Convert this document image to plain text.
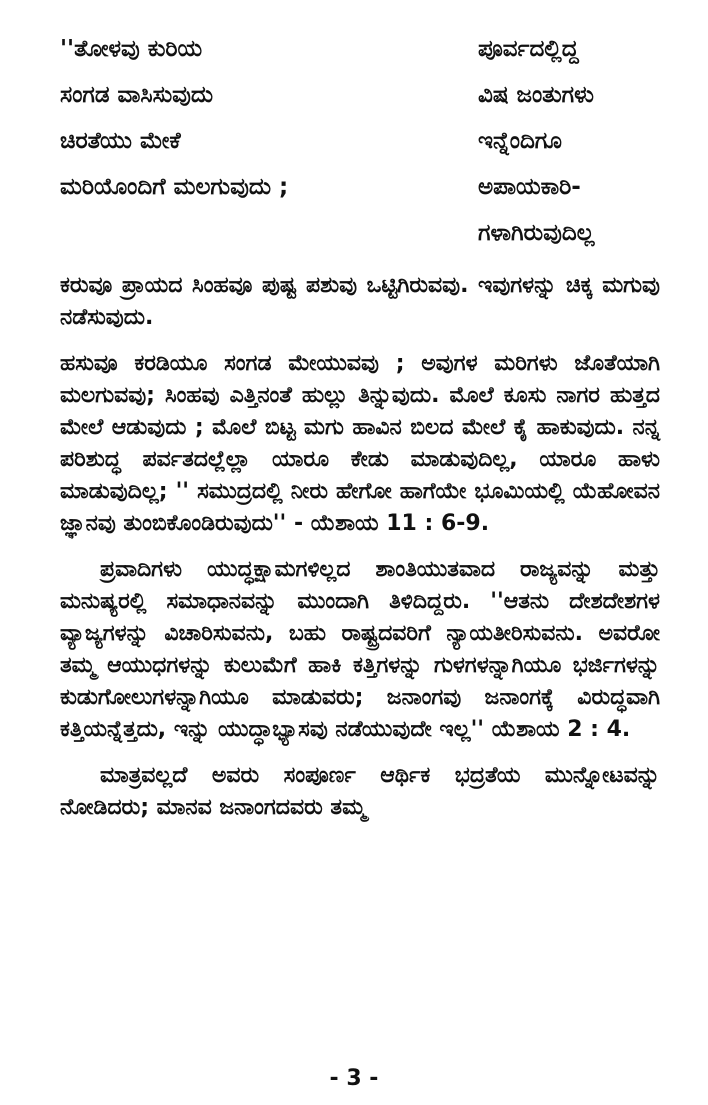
''ತೋಳವು ಕುರಿಯ	ಪೂರ್ವದಲ್ಲಿದ್ದ
ಸಂಗಡ ವಾಸಿಸುವುದು	ವಿಷ ಜಂತುಗಳು
ಚಿರತೆಯು ಮೇಕೆ	ಇನ್ನೆಂದಿಗೂ
ಮರಿಯೊಂದಿಗೆ ಮಲಗುವುದು ;	ಅಪಾಯಕಾರಿ-
ಗಳಾಗಿರುವುದಿಲ್ಲ

ಕರುವೂ ಪ್ರಾಯದ ಸಿಂಹವೂ ಪುಷ್ಟ ಪಶುವು ಒಟ್ಟಿಗಿರುವವು. ಇವುಗಳನ್ನು ಚಿಕ್ಕ ಮಗುವು ನಡೆಸುವುದು.

ಹಸುವೂ ಕರಡಿಯೂ ಸಂಗಡ ಮೇಯುವವು ; ಅವುಗಳ ಮರಿಗಳು ಜೊತೆಯಾಗಿ ಮಲಗುವವು; ಸಿಂಹವು ಎತ್ತಿನಂತೆ ಹುಲ್ಲು ತಿನ್ನುವುದು. ಮೊಲೆ ಕೂಸು ನಾಗರ ಹುತ್ತದ ಮೇಲೆ ಆಡುವುದು ; ಮೊಲೆ ಬಿಟ್ಟ ಮಗು ಹಾವಿನ ಬಿಲದ ಮೇಲೆ ಕೈ ಹಾಕುವುದು. ನನ್ನ ಪರಿಶುದ್ಧ ಪರ್ವತದಲ್ಲೆಲ್ಲಾ ಯಾರೂ ಕೇಡು ಮಾಡುವುದಿಲ್ಲ, ಯಾರೂ ಹಾಳು ಮಾಡುವುದಿಲ್ಲ; '' ಸಮುದ್ರದಲ್ಲಿ ನೀರು ಹೇಗೋ ಹಾಗೆಯೇ ಭೂಮಿಯಲ್ಲಿ ಯೆಹೋವನ ಜ್ಞಾನವು ತುಂಬಿಕೊಂಡಿರುವುದು'' - ಯೆಶಾಯ 11 : 6-9.

ಪ್ರವಾದಿಗಳು ಯುದ್ಧಕ್ಷಾಮಗಳಿಲ್ಲದ ಶಾಂತಿಯುತವಾದ ರಾಜ್ಯವನ್ನು ಮತ್ತು ಮನುಷ್ಯರಲ್ಲಿ ಸಮಾಧಾನವನ್ನು ಮುಂದಾಗಿ ತಿಳಿದಿದ್ದರು. ''ಆತನು ದೇಶದೇಶಗಳ ವ್ಯಾಜ್ಯಗಳನ್ನು ವಿಚಾರಿಸುವನು, ಬಹು ರಾಷ್ಟ್ರದವರಿಗೆ ನ್ಯಾಯತೀರಿಸುವನು. ಅವರೋ ತಮ್ಮ ಆಯುಧಗಳನ್ನು ಕುಲುಮೆಗೆ ಹಾಕಿ ಕತ್ತಿಗಳನ್ನು ಗುಳಗಳನ್ನಾಗಿಯೂ ಭರ್ಜಿಗಳನ್ನು ಕುಡುಗೋಲುಗಳನ್ನಾಗಿಯೂ ಮಾಡುವರು; ಜನಾಂಗವು ಜನಾಂಗಕ್ಕೆ ವಿರುದ್ಧವಾಗಿ ಕತ್ತಿಯನ್ನೆತ್ತದು, ಇನ್ನು ಯುದ್ಧಾಭ್ಯಾಸವು ನಡೆಯುವುದೇ ಇಲ್ಲ'' ಯೆಶಾಯ 2 : 4.

ಮಾತ್ರವಲ್ಲದೆ ಅವರು ಸಂಪೂರ್ಣ ಆರ್ಥಿಕ ಭದ್ರತೆಯ ಮುನ್ನೋಟವನ್ನು ನೋಡಿದರು; ಮಾನವ ಜನಾಂಗದವರು ತಮ್ಮ

- 3 -
